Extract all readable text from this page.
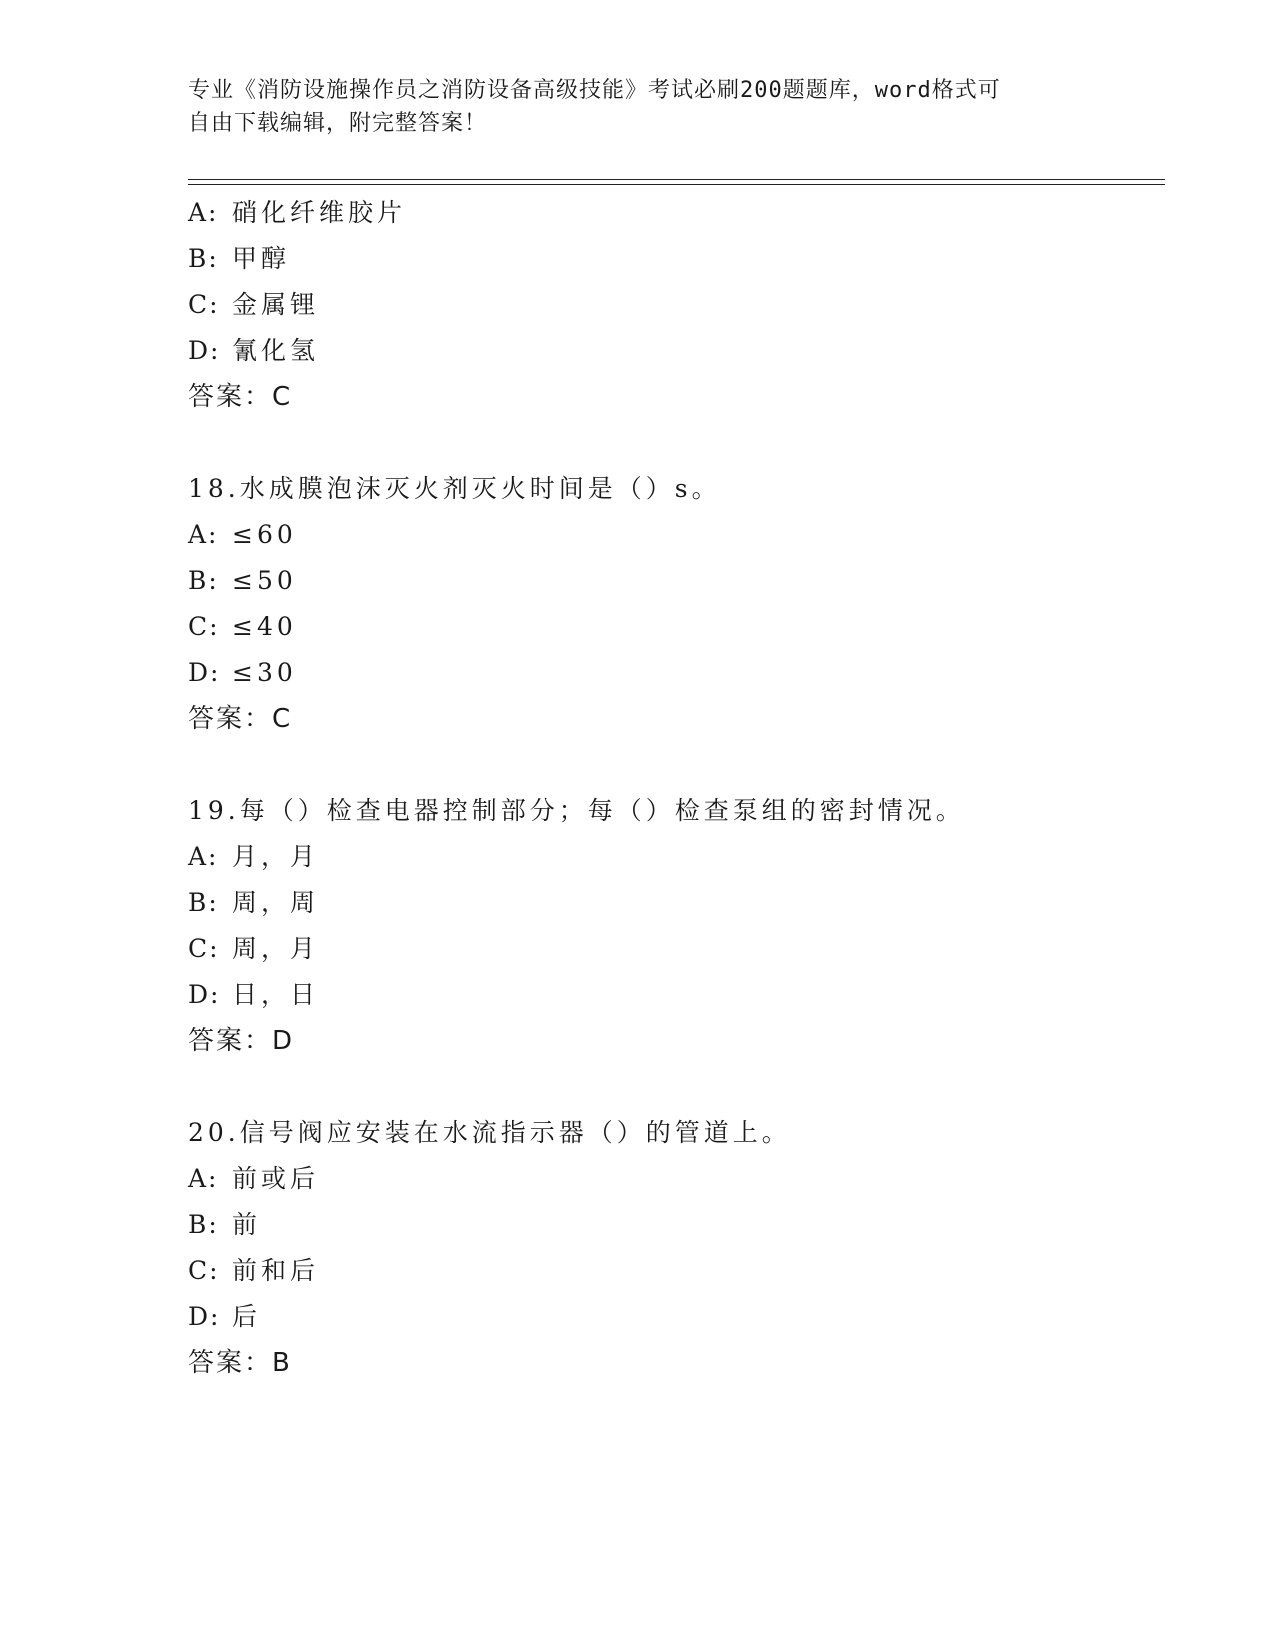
专业《消防设施操作员之消防设备高级技能》考试必刷200题题库，word格式可
自由下载编辑，附完整答案！
A: 硝化纤维胶片
B: 甲醇
C: 金属锂
D: 氰化氢
答案：C
18.水成膜泡沫灭火剂灭火时间是（）s。
A: ≤60
B: ≤50
C: ≤40
D: ≤30
答案：C
19.每（）检查电器控制部分；每（）检查泵组的密封情况。
A: 月，月
B: 周，周
C: 周，月
D: 日，日
答案：D
20.信号阀应安装在水流指示器（）的管道上。
A: 前或后
B: 前
C: 前和后
D: 后
答案：B
